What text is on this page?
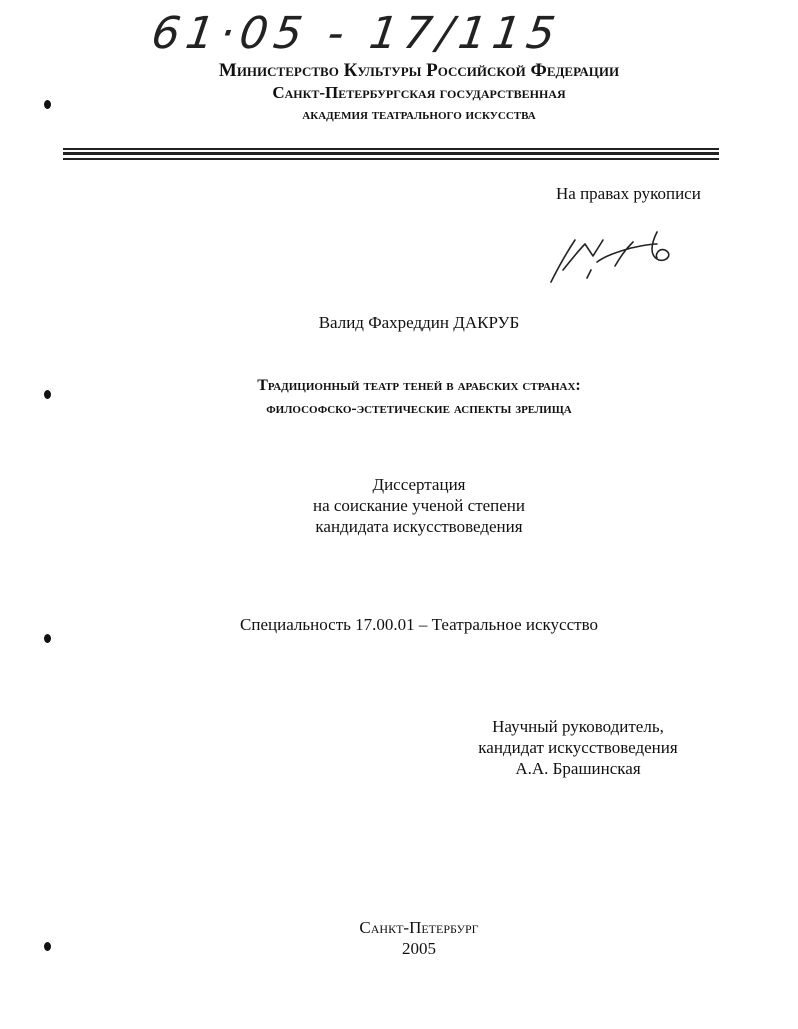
61·05 - 17/115
Министерство Культуры Российской Федерации
Санкт-Петербургская государственная
академия театрального искусства
На правах рукописи
Валид Фахреддин ДАКРУБ
Традиционный театр теней в арабских странах:
философско-эстетические аспекты зрелища
Диссертация
на соискание ученой степени
кандидата искусствоведения
Специальность 17.00.01 – Театральное искусство
Научный руководитель,
кандидат искусствоведения
А.А. Брашинская
Санкт-Петербург
2005
